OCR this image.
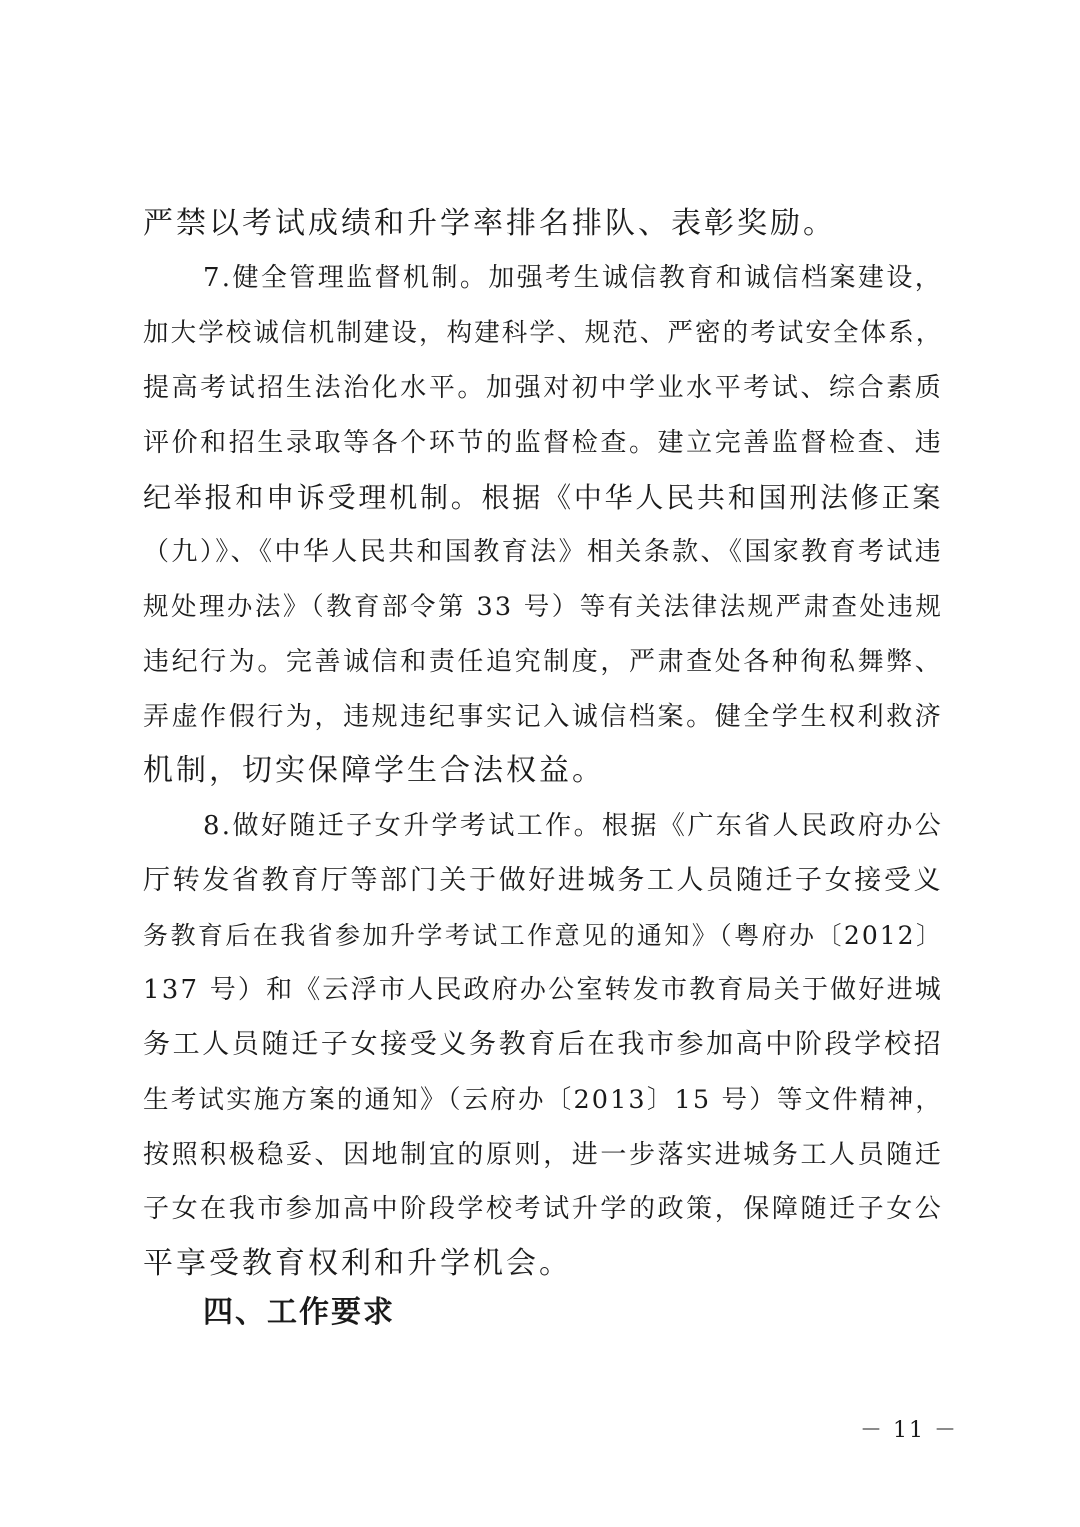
严禁以考试成绩和升学率排名排队、表彰奖励。
7.健全管理监督机制。加强考生诚信教育和诚信档案建设，
加大学校诚信机制建设，构建科学、规范、严密的考试安全体系，
提高考试招生法治化水平。加强对初中学业水平考试、综合素质
评价和招生录取等各个环节的监督检查。建立完善监督检查、违
纪举报和申诉受理机制。根据《中华人民共和国刑法修正案
（九）》、《中华人民共和国教育法》相关条款、《国家教育考试违
规处理办法》（教育部令第 33 号）等有关法律法规严肃查处违规
违纪行为。完善诚信和责任追究制度，严肃查处各种徇私舞弊、
弄虚作假行为，违规违纪事实记入诚信档案。健全学生权利救济
机制，切实保障学生合法权益。
8.做好随迁子女升学考试工作。根据《广东省人民政府办公
厅转发省教育厅等部门关于做好进城务工人员随迁子女接受义
务教育后在我省参加升学考试工作意见的通知》（粤府办〔2012〕
137 号）和《云浮市人民政府办公室转发市教育局关于做好进城
务工人员随迁子女接受义务教育后在我市参加高中阶段学校招
生考试实施方案的通知》（云府办〔2013〕15 号）等文件精神，
按照积极稳妥、因地制宜的原则，进一步落实进城务工人员随迁
子女在我市参加高中阶段学校考试升学的政策，保障随迁子女公
平享受教育权利和升学机会。
四、工作要求
－ 11 －
